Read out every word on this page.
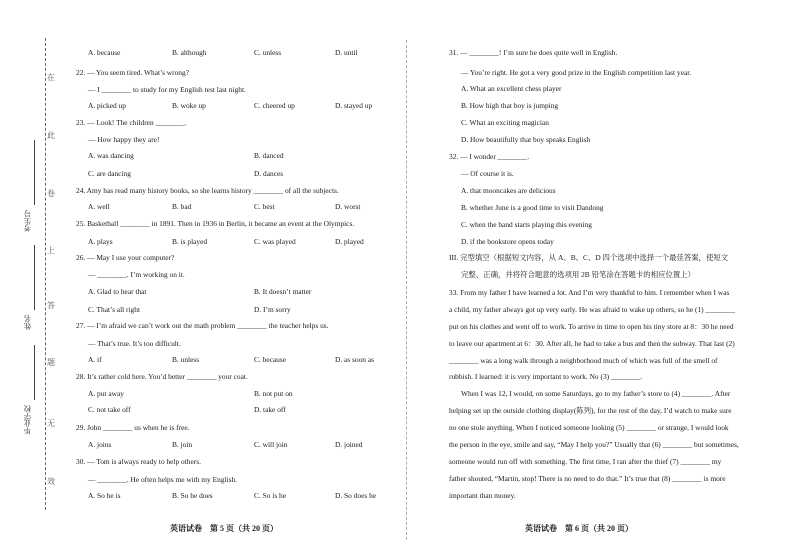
在
此
卷
上
答
题
无
效
考生号
姓名
毕业学校
A. because	B. although	C. unless	D. until
22. — You seem tired. What’s wrong?
— I ________ to study for my English test last night.
A. picked up	B. woke up	C. cheered up	D. stayed up
23. — Look! The children ________.
— How happy they are!
A. was dancing	B. danced
C. are dancing	D. dances
24. Amy has read many history books, so she learns history ________ of all the subjects.
A. well	B. bad	C. best	D. worst
25. Basketball ________ in 1891. Then in 1936 in Berlin, it became an event at the Olympics.
A. plays	B. is played	C. was played	D. played
26. — May I use your computer?
— ________. I’m working on it.
A. Glad to hear that	B. It doesn’t matter
C. That’s all right	D. I’m sorry
27. — I’m afraid we can’t work out the math problem ________ the teacher helps us.
— That’s true. It’s too difficult.
A. if	B. unless	C. because	D. as soon as
28. It’s rather cold here. You’d better ________ your coat.
A. put away	B. not put on
C. not take off	D. take off
29. John ________ us when he is free.
A. joins	B. join	C. will join	D. joined
30. — Tom is always ready to help others.
— ________. He often helps me with my English.
A. So he is	B. So he does	C. So is he	D. So does he
英语试卷　第 5 页（共 20 页）
31. — ________! I’m sure he does quite well in English.
— You’re right. He got a very good prize in the English competition last year.
A. What an excellent chess player
B. How high that boy is jumping
C. What an exciting magician
D. How beautifully that boy speaks English
32. — I wonder ________.
— Of course it is.
A. that mooncakes are delicious
B. whether June is a good time to visit Dandong
C. when the band starts playing this evening
D. if the bookstore opens today
III. 完型填空（根据短文内容，从 A、B、C、D 四个选项中选择一个最佳答案，使短文
完整、正确，并将符合题意的选项用 2B 铅笔涂在答题卡的相应位置上）
33. From my father I have learned a lot. And I’m very thankful to him. I remember when I was
a child, my father always got up very early. He was afraid to wake up others, so he (1) ________
put on his clothes and went off to work. To arrive in time to open his tiny store at 8：30 he need
to leave our apartment at 6：30. After all, he had to take a bus and then the subway. That last (2)
________ was a long walk through a neighborhood much of which was full of the smell of
rubbish. I learned: it is very important to work. No (3) ________.
When I was 12, I would, on some Saturdays, go to my father’s store to (4) ________. After
helping set up the outside clothing display(陈列), for the rest of the day, I’d watch to make sure
no one stole anything. When I noticed someone looking (5) ________ or strange, I would look
the person in the eye, smile and say, “May I help you?” Usually that (6) ________ but sometimes,
someone would run off with something. The first time, I ran after the thief (7) ________ my
father shouted, “Martin, stop! There is no need to do that.” It’s true that (8) ________ is more
important than money.
英语试卷　第 6 页（共 20 页）
